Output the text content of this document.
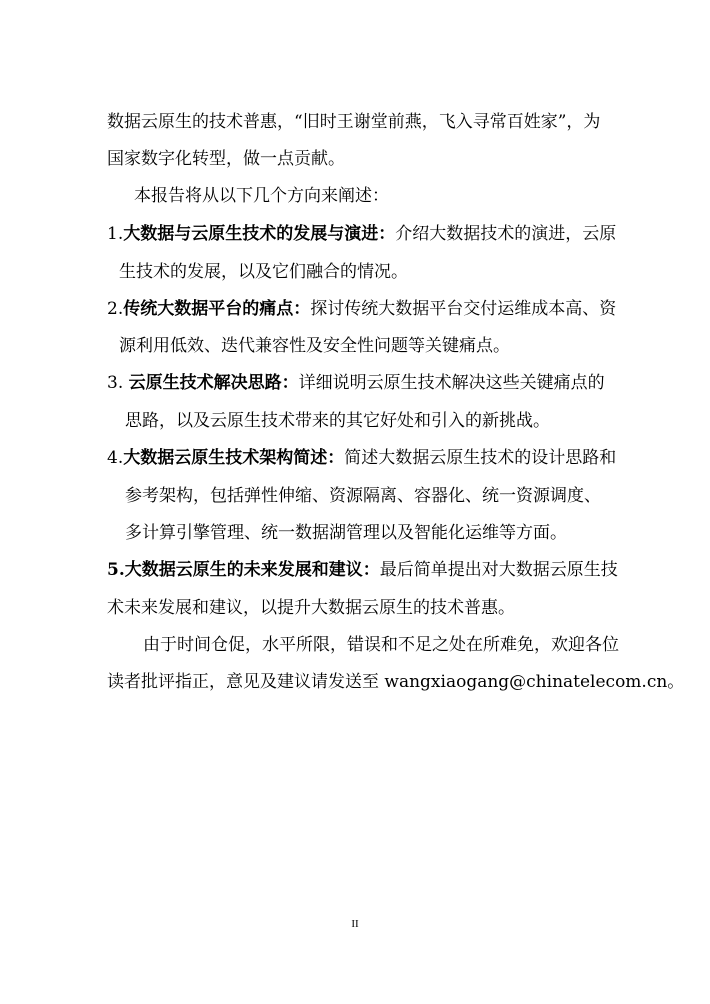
数据云原生的技术普惠，“旧时王谢堂前燕，飞入寻常百姓家”，为
国家数字化转型，做一点贡献。
本报告将从以下几个方向来阐述：
1.大数据与云原生技术的发展与演进：介绍大数据技术的演进，云原
生技术的发展，以及它们融合的情况。
2.传统大数据平台的痛点：探讨传统大数据平台交付运维成本高、资
源利用低效、迭代兼容性及安全性问题等关键痛点。
3. 云原生技术解决思路：详细说明云原生技术解决这些关键痛点的
思路，以及云原生技术带来的其它好处和引入的新挑战。
4.大数据云原生技术架构简述：简述大数据云原生技术的设计思路和
参考架构，包括弹性伸缩、资源隔离、容器化、统一资源调度、
多计算引擎管理、统一数据湖管理以及智能化运维等方面。
5.大数据云原生的未来发展和建议：最后简单提出对大数据云原生技
术未来发展和建议，以提升大数据云原生的技术普惠。
由于时间仓促，水平所限，错误和不足之处在所难免，欢迎各位
读者批评指正，意见及建议请发送至 wangxiaogang@chinatelecom.cn。
II
